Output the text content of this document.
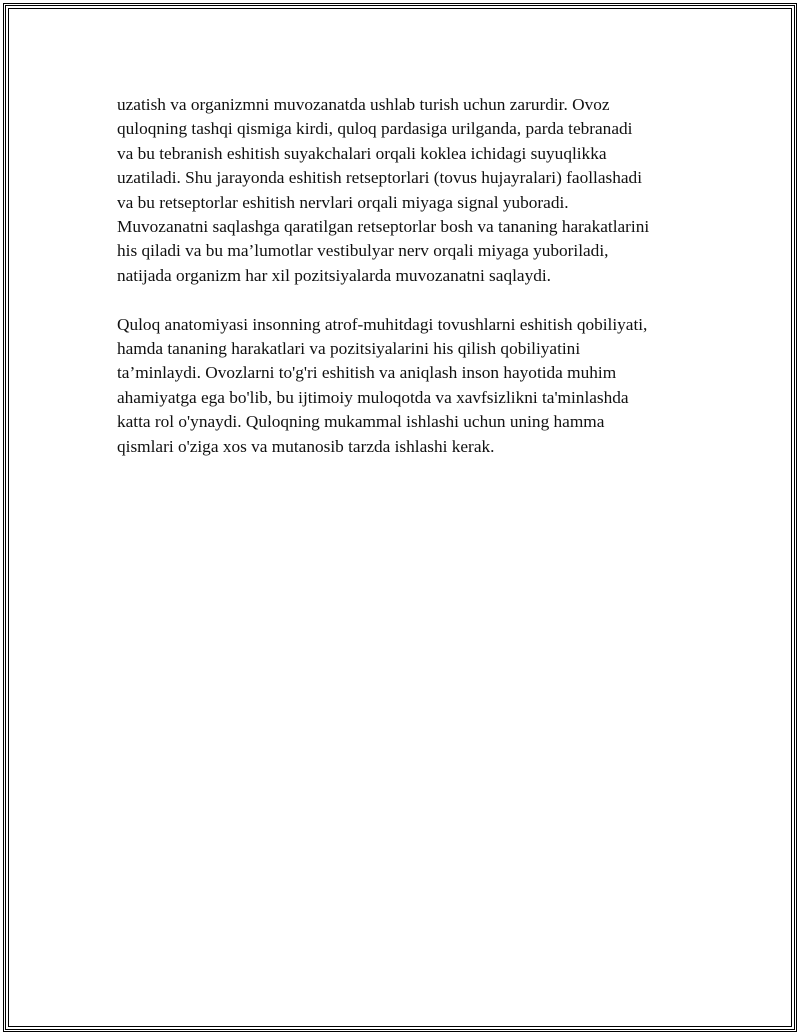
uzatish va organizmni muvozanatda ushlab turish uchun zarurdir. Ovoz
quloqning tashqi qismiga kirdi, quloq pardasiga urilganda, parda tebranadi
va bu tebranish eshitish suyakchalari orqali koklea ichidagi suyuqlikka
uzatiladi. Shu jarayonda eshitish retseptorlari (tovus hujayralari) faollashadi
va bu retseptorlar eshitish nervlari orqali miyaga signal yuboradi.
Muvozanatni saqlashga qaratilgan retseptorlar bosh va tananing harakatlarini
his qiladi va bu ma’lumotlar vestibulyar nerv orqali miyaga yuboriladi,
natijada organizm har xil pozitsiyalarda muvozanatni saqlaydi.

Quloq anatomiyasi insonning atrof-muhitdagi tovushlarni eshitish qobiliyati,
hamda tananing harakatlari va pozitsiyalarini his qilish qobiliyatini
ta’minlaydi. Ovozlarni to'g'ri eshitish va aniqlash inson hayotida muhim
ahamiyatga ega bo'lib, bu ijtimoiy muloqotda va xavfsizlikni ta'minlashda
katta rol o'ynaydi. Quloqning mukammal ishlashi uchun uning hamma
qismlari o'ziga xos va mutanosib tarzda ishlashi kerak.
